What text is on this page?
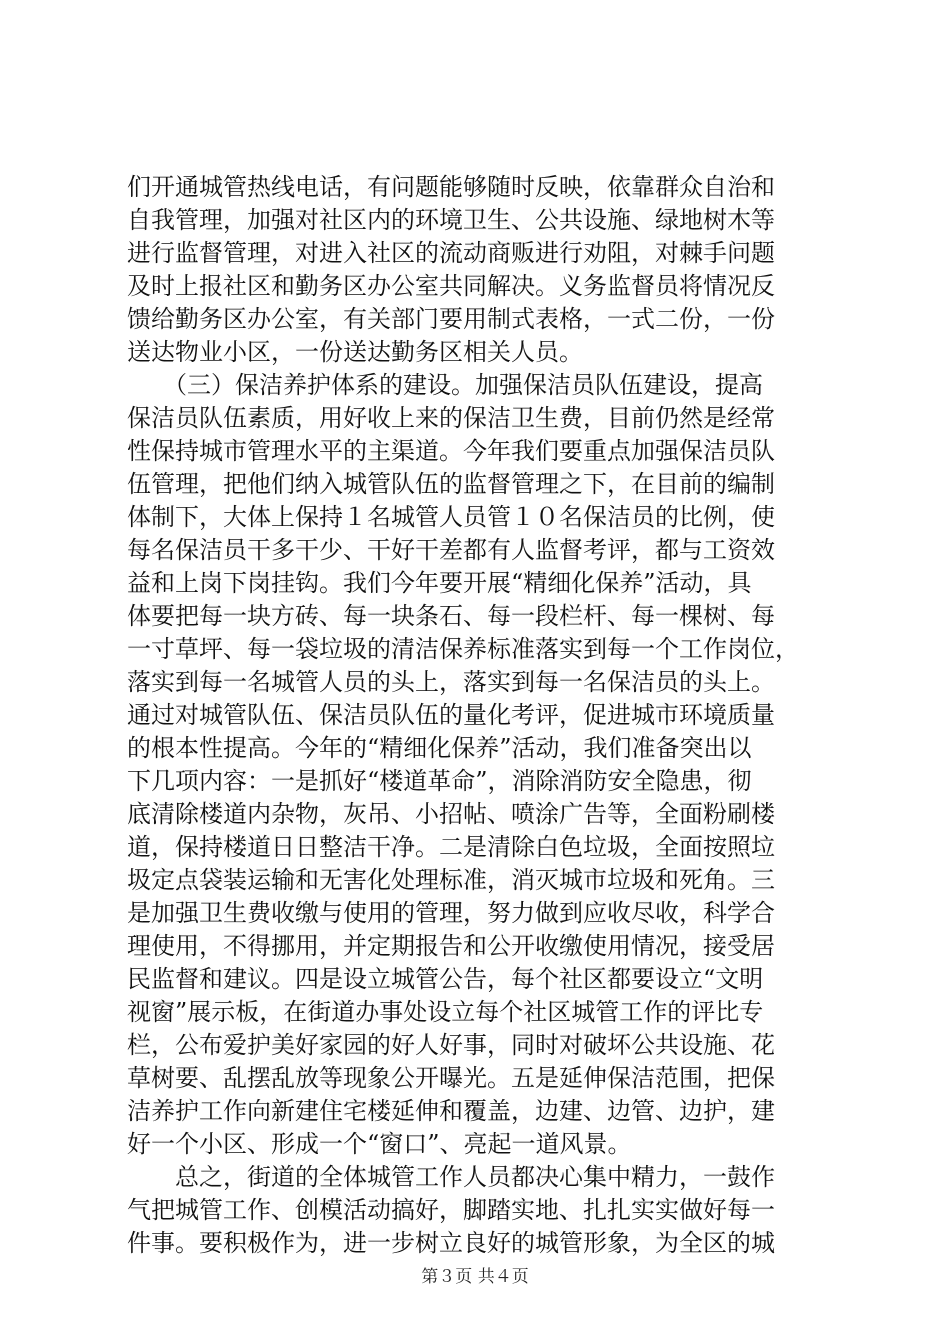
们开通城管热线电话，有问题能够随时反映，依靠群众自治和
自我管理，加强对社区内的环境卫生、公共设施、绿地树木等
进行监督管理，对进入社区的流动商贩进行劝阻，对棘手问题
及时上报社区和勤务区办公室共同解决。义务监督员将情况反
馈给勤务区办公室，有关部门要用制式表格，一式二份，一份
送达物业小区，一份送达勤务区相关人员。
　　（三）保洁养护体系的建设。加强保洁员队伍建设，提高
保洁员队伍素质，用好收上来的保洁卫生费，目前仍然是经常
性保持城市管理水平的主渠道。今年我们要重点加强保洁员队
伍管理，把他们纳入城管队伍的监督管理之下，在目前的编制
体制下，大体上保持１名城管人员管１０名保洁员的比例，使
每名保洁员干多干少、干好干差都有人监督考评，都与工资效
益和上岗下岗挂钩。我们今年要开展“精细化保养”活动，具
体要把每一块方砖、每一块条石、每一段栏杆、每一棵树、每
一寸草坪、每一袋垃圾的清洁保养标准落实到每一个工作岗位，
落实到每一名城管人员的头上，落实到每一名保洁员的头上。
通过对城管队伍、保洁员队伍的量化考评，促进城市环境质量
的根本性提高。今年的“精细化保养”活动，我们准备突出以
下几项内容：一是抓好“楼道革命”，消除消防安全隐患，彻
底清除楼道内杂物，灰吊、小招帖、喷涂广告等，全面粉刷楼
道，保持楼道日日整洁干净。二是清除白色垃圾，全面按照垃
圾定点袋装运输和无害化处理标准，消灭城市垃圾和死角。三
是加强卫生费收缴与使用的管理，努力做到应收尽收，科学合
理使用，不得挪用，并定期报告和公开收缴使用情况，接受居
民监督和建议。四是设立城管公告，每个社区都要设立“文明
视窗”展示板，在街道办事处设立每个社区城管工作的评比专
栏，公布爱护美好家园的好人好事，同时对破坏公共设施、花
草树要、乱摆乱放等现象公开曝光。五是延伸保洁范围，把保
洁养护工作向新建住宅楼延伸和覆盖，边建、边管、边护，建
好一个小区、形成一个“窗口”、亮起一道风景。
　　总之，街道的全体城管工作人员都决心集中精力，一鼓作
气把城管工作、创模活动搞好，脚踏实地、扎扎实实做好每一
件事。要积极作为，进一步树立良好的城管形象，为全区的城
第３页 共４页
